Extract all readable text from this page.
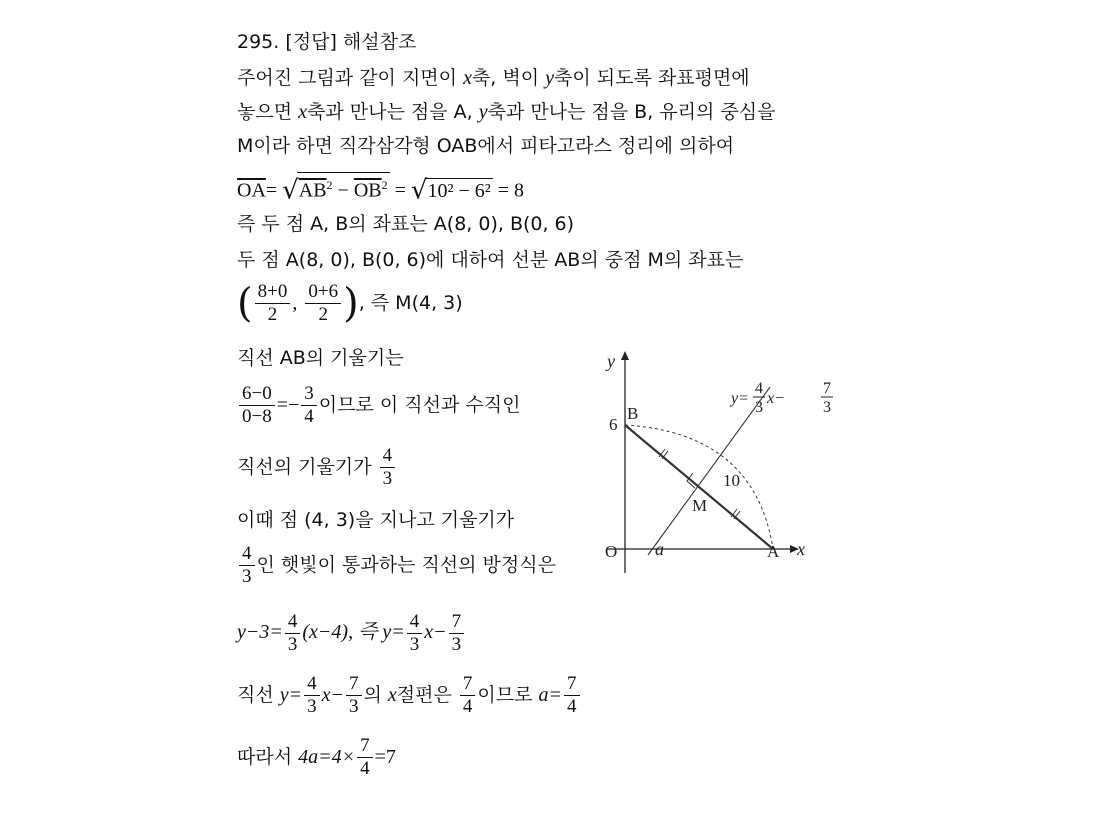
295. [정답] 해설참조
주어진 그림과 같이 지면이 x축, 벽이 y축이 되도록 좌표평면에
놓으면 x축과 만나는 점을 A, y축과 만나는 점을 B, 유리의 중심을
M이라 하면 직각삼각형 OAB에서 피타고라스 정리에 의하여
$\overline{OA}= √AB^2 - \overline{OB}^2 = √10^2 - 6^2 = 8$
즉 두 점 A, B의 좌표는 A(8, 0), B(0, 6)
두 점 A(8, 0), B(0, 6)에 대하여 선분 AB의 중점 M의 좌표는
( $\frac{8+0}{2}$ , $\frac{0+6}{2}$ ), 즉 M(4, 3)
직선 AB의 기울기는
$\frac{6-0}{0-8} =- \frac{3}{4}$ 이므로 이 직선과 수직인
직선의 기울기가 $\frac{4}{3}$
이때 점 (4, 3)을 지나고 기울기가
$\frac{4}{3}$ 인 햇빛이 통과하는 직선의 방정식은
$y-3= \frac{4}{3} (x-4)$, 즉 $y= \frac{4}{3} x- \frac{7}{3}$
직선 $y= \frac{4}{3} x- \frac{7}{3}$ 의 x절편은 $\frac{7}{4}$ 이므로 $a= \frac{7}{4}$
따라서 $4a=4\times \frac{7}{4} =7$
y
x
O
B
6
A
M
10
a
y=
4
3
x−
7
3
